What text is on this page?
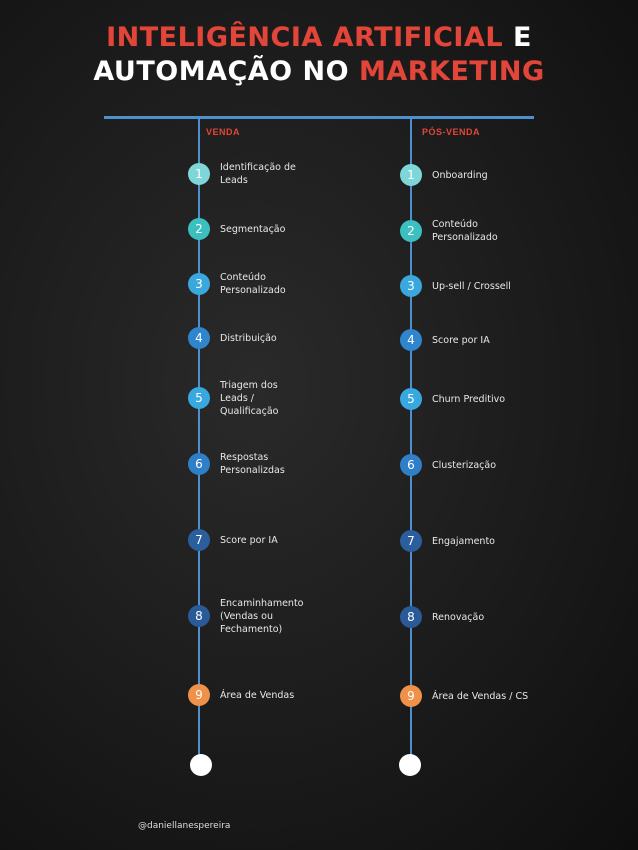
INTELIGÊNCIA ARTIFICIAL E
AUTOMAÇÃO NO MARKETING
VENDA	PÓS-VENDA
1	Identificação de
Leads
2	Segmentação
3	Conteúdo
Personalizado
4	Distribuição
5
Triagem dos
Leads /
Qualificação
6	Respostas
Personalizdas
7	Score por IA
8
Encaminhamento
(Vendas ou
Fechamento)
9	Área de Vendas
1	Onboarding
2	Conteúdo
Personalizado
3	Up-sell / Crossell
4	Score por IA
5	Churn Preditivo
6	Clusterização
7	Engajamento
8	Renovação
9	Área de Vendas / CS
@daniellanespereira
